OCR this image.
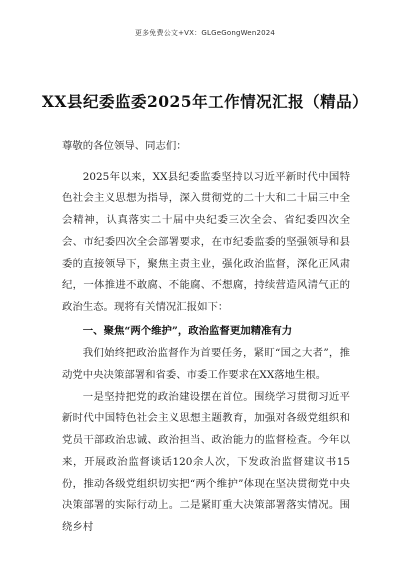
更多免费公文+VX：GLGeGongWen2024
XX县纪委监委2025年工作情况汇报（精品）

尊敬的各位领导、同志们：

2025年以来，XX县纪委监委坚持以习近平新时代中国特色社会主义思想为指导，深入贯彻党的二十大和二十届三中全会精神，认真落实二十届中央纪委三次全会、省纪委四次全会、市纪委四次全会部署要求，在市纪委监委的坚强领导和县委的直接领导下，聚焦主责主业，强化政治监督，深化正风肃纪，一体推进不敢腐、不能腐、不想腐，持续营造风清气正的政治生态。现将有关情况汇报如下：

一、聚焦“两个维护”，政治监督更加精准有力

我们始终把政治监督作为首要任务，紧盯“国之大者”，推动党中央决策部署和省委、市委工作要求在XX落地生根。

一是坚持把党的政治建设摆在首位。围绕学习贯彻习近平新时代中国特色社会主义思想主题教育，加强对各级党组织和党员干部政治忠诚、政治担当、政治能力的监督检查。今年以来，开展政治监督谈话120余人次，下发政治监督建议书15份，推动各级党组织切实把“两个维护”体现在坚决贯彻党中央决策部署的实际行动上。二是紧盯重大决策部署落实情况。围绕乡村
